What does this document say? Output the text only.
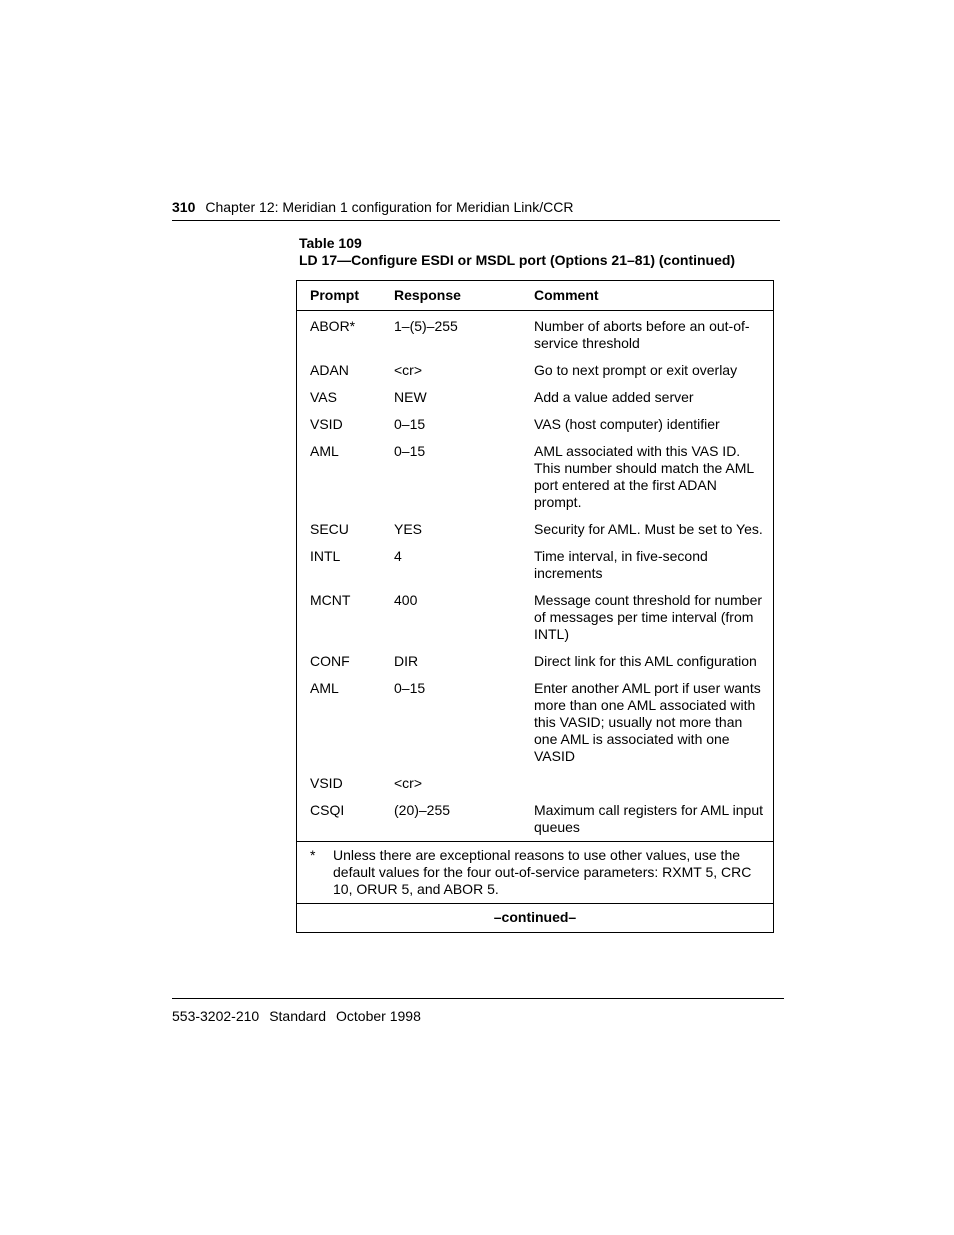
310 Chapter 12: Meridian 1 configuration for Meridian Link/CCR
Table 109
LD 17—Configure ESDI or MSDL port (Options 21–81) (continued)
Prompt	Response	Comment
ABOR*	1–(5)–255	Number of aborts before an out-of-service threshold
ADAN	<cr>	Go to next prompt or exit overlay
VAS	NEW	Add a value added server
VSID	0–15	VAS (host computer) identifier
AML	0–15	AML associated with this VAS ID. This number should match the AML port entered at the first ADAN prompt.
SECU	YES	Security for AML. Must be set to Yes.
INTL	4	Time interval, in five-second increments
MCNT	400	Message count threshold for number of messages per time interval (from INTL)
CONF	DIR	Direct link for this AML configuration
AML	0–15	Enter another AML port if user wants more than one AML associated with this VASID; usually not more than one AML is associated with one VASID
VSID	<cr>	
CSQI	(20)–255	Maximum call registers for AML input queues

* Unless there are exceptional reasons to use other values, use the default values for the four out-of-service parameters: RXMT 5, CRC 10, ORUR 5, and ABOR 5.		

–continued–		
553-3202-210 Standard October 1998
